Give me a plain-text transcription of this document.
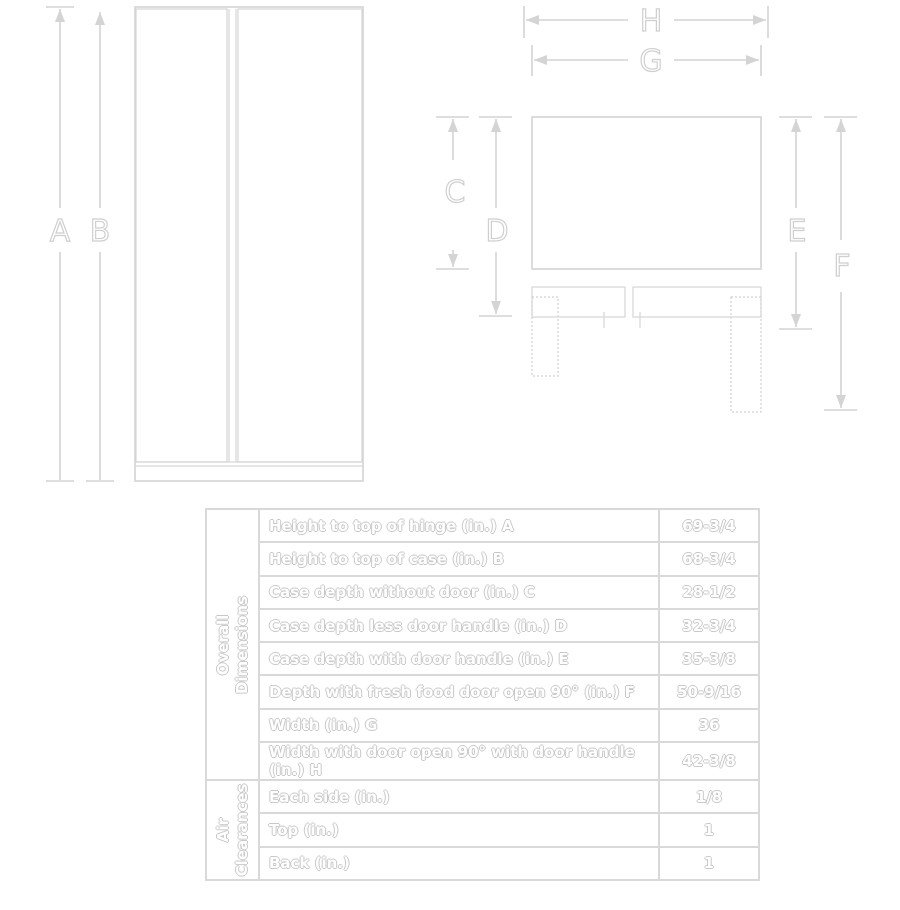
A B
H
G
C
D	E
F
Overall
Dimensions	Height to top of hinge (in.) A	69-3/4
	Height to top of case (in.) B	68-3/4
	Case depth without door (in.) C	28-1/2
	Case depth less door handle (in.) D	32-3/4
	Case depth with door handle (in.) E	35-3/8
	Depth with fresh food door open 90° (in.) F	50-9/16
	Width (in.) G	36
	Width with door open 90° with door handle (in.) H	42-3/8

Air
Clearances	Each side (in.)	1/8
	Top (in.)	1
	Back (in.)	1
